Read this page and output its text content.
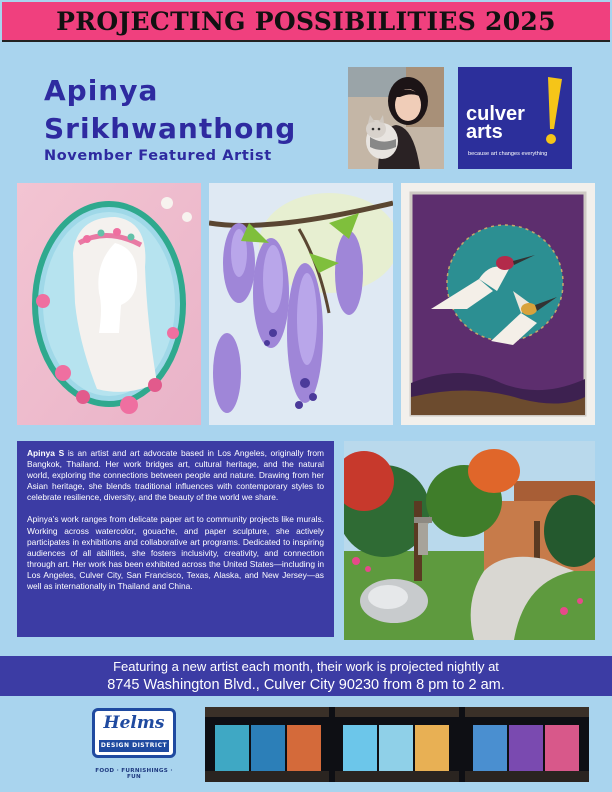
PROJECTING POSSIBILITIES 2025
Apinya
Srikhwanthong
November Featured Artist
culver
arts
because art changes everything

Apinya S is an artist and art advocate based in Los Angeles, originally from Bangkok, Thailand. Her work bridges art, cultural heritage, and the natural world, exploring the connections between people and nature. Drawing from her Asian heritage, she blends traditional influences with contemporary styles to celebrate resilience, diversity, and the beauty of the world we share.

Apinya’s work ranges from delicate paper art to community projects like murals. Working across watercolor, gouache, and paper sculpture, she actively participates in exhibitions and collaborative art programs. Dedicated to inspiring audiences of all abilities, she fosters inclusivity, creativity, and connection through art. Her work has been exhibited across the United States—including in Los Angeles, Culver City, San Francisco, Texas, Alaska, and New Jersey—as well as internationally in Thailand and China.

Featuring a new artist each month, their work is projected nightly at
8745 Washington Blvd., Culver City 90230 from 8 pm to 2 am.
Helms
DESIGN DISTRICT
FOOD · FURNISHINGS · FUN
